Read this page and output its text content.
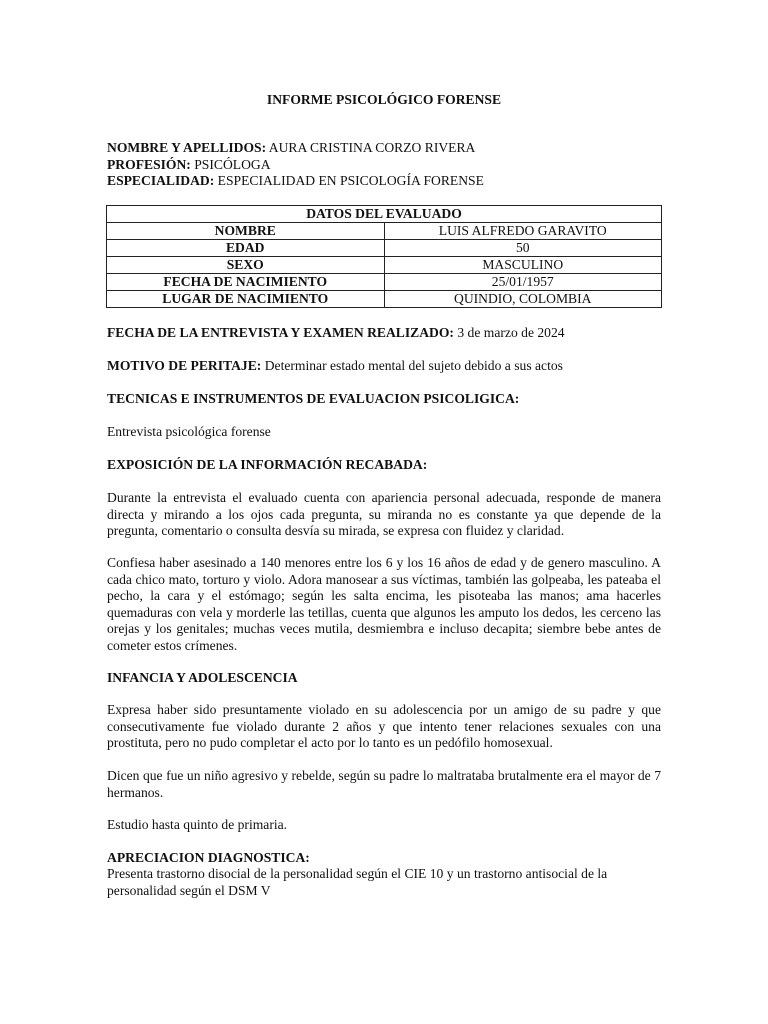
INFORME PSICOLÓGICO FORENSE
NOMBRE Y APELLIDOS: AURA CRISTINA CORZO RIVERA
PROFESIÓN: PSICÓLOGA
ESPECIALIDAD: ESPECIALIDAD EN PSICOLOGÍA FORENSE
DATOS DEL EVALUADO	
NOMBRE	LUIS ALFREDO GARAVITO
EDAD	50
SEXO	MASCULINO
FECHA DE NACIMIENTO	25/01/1957
LUGAR DE NACIMIENTO	QUINDIO, COLOMBIA
FECHA DE LA ENTREVISTA Y EXAMEN REALIZADO: 3 de marzo de 2024
MOTIVO DE PERITAJE: Determinar estado mental del sujeto debido a sus actos
TECNICAS E INSTRUMENTOS DE EVALUACION PSICOLIGICA:
Entrevista psicológica forense
EXPOSICIÓN DE LA INFORMACIÓN RECABADA:

Durante la entrevista el evaluado cuenta con apariencia personal adecuada, responde de manera directa y mirando a los ojos cada pregunta, su miranda no es constante ya que depende de la pregunta, comentario o consulta desvía su mirada, se expresa con fluidez y claridad.

Confiesa haber asesinado a 140 menores entre los 6 y los 16 años de edad y de genero masculino. A cada chico mato, torturo y violo. Adora manosear a sus víctimas, también las golpeaba, les pateaba el pecho, la cara y el estómago; según les salta encima, les pisoteaba las manos; ama hacerles quemaduras con vela y morderle las tetillas, cuenta que algunos les amputo los dedos, les cerceno las orejas y los genitales; muchas veces mutila, desmiembra e incluso decapita; siembre bebe antes de cometer estos crímenes.

INFANCIA Y ADOLESCENCIA

Expresa haber sido presuntamente violado en su adolescencia por un amigo de su padre y que consecutivamente fue violado durante 2 años y que intento tener relaciones sexuales con una prostituta, pero no pudo completar el acto por lo tanto es un pedófilo homosexual.

Dicen que fue un niño agresivo y rebelde, según su padre lo maltrataba brutalmente era el mayor de 7 hermanos.

Estudio hasta quinto de primaria.

APRECIACION DIAGNOSTICA:

Presenta trastorno disocial de la personalidad según el CIE 10 y un trastorno antisocial de la personalidad según el DSM V
